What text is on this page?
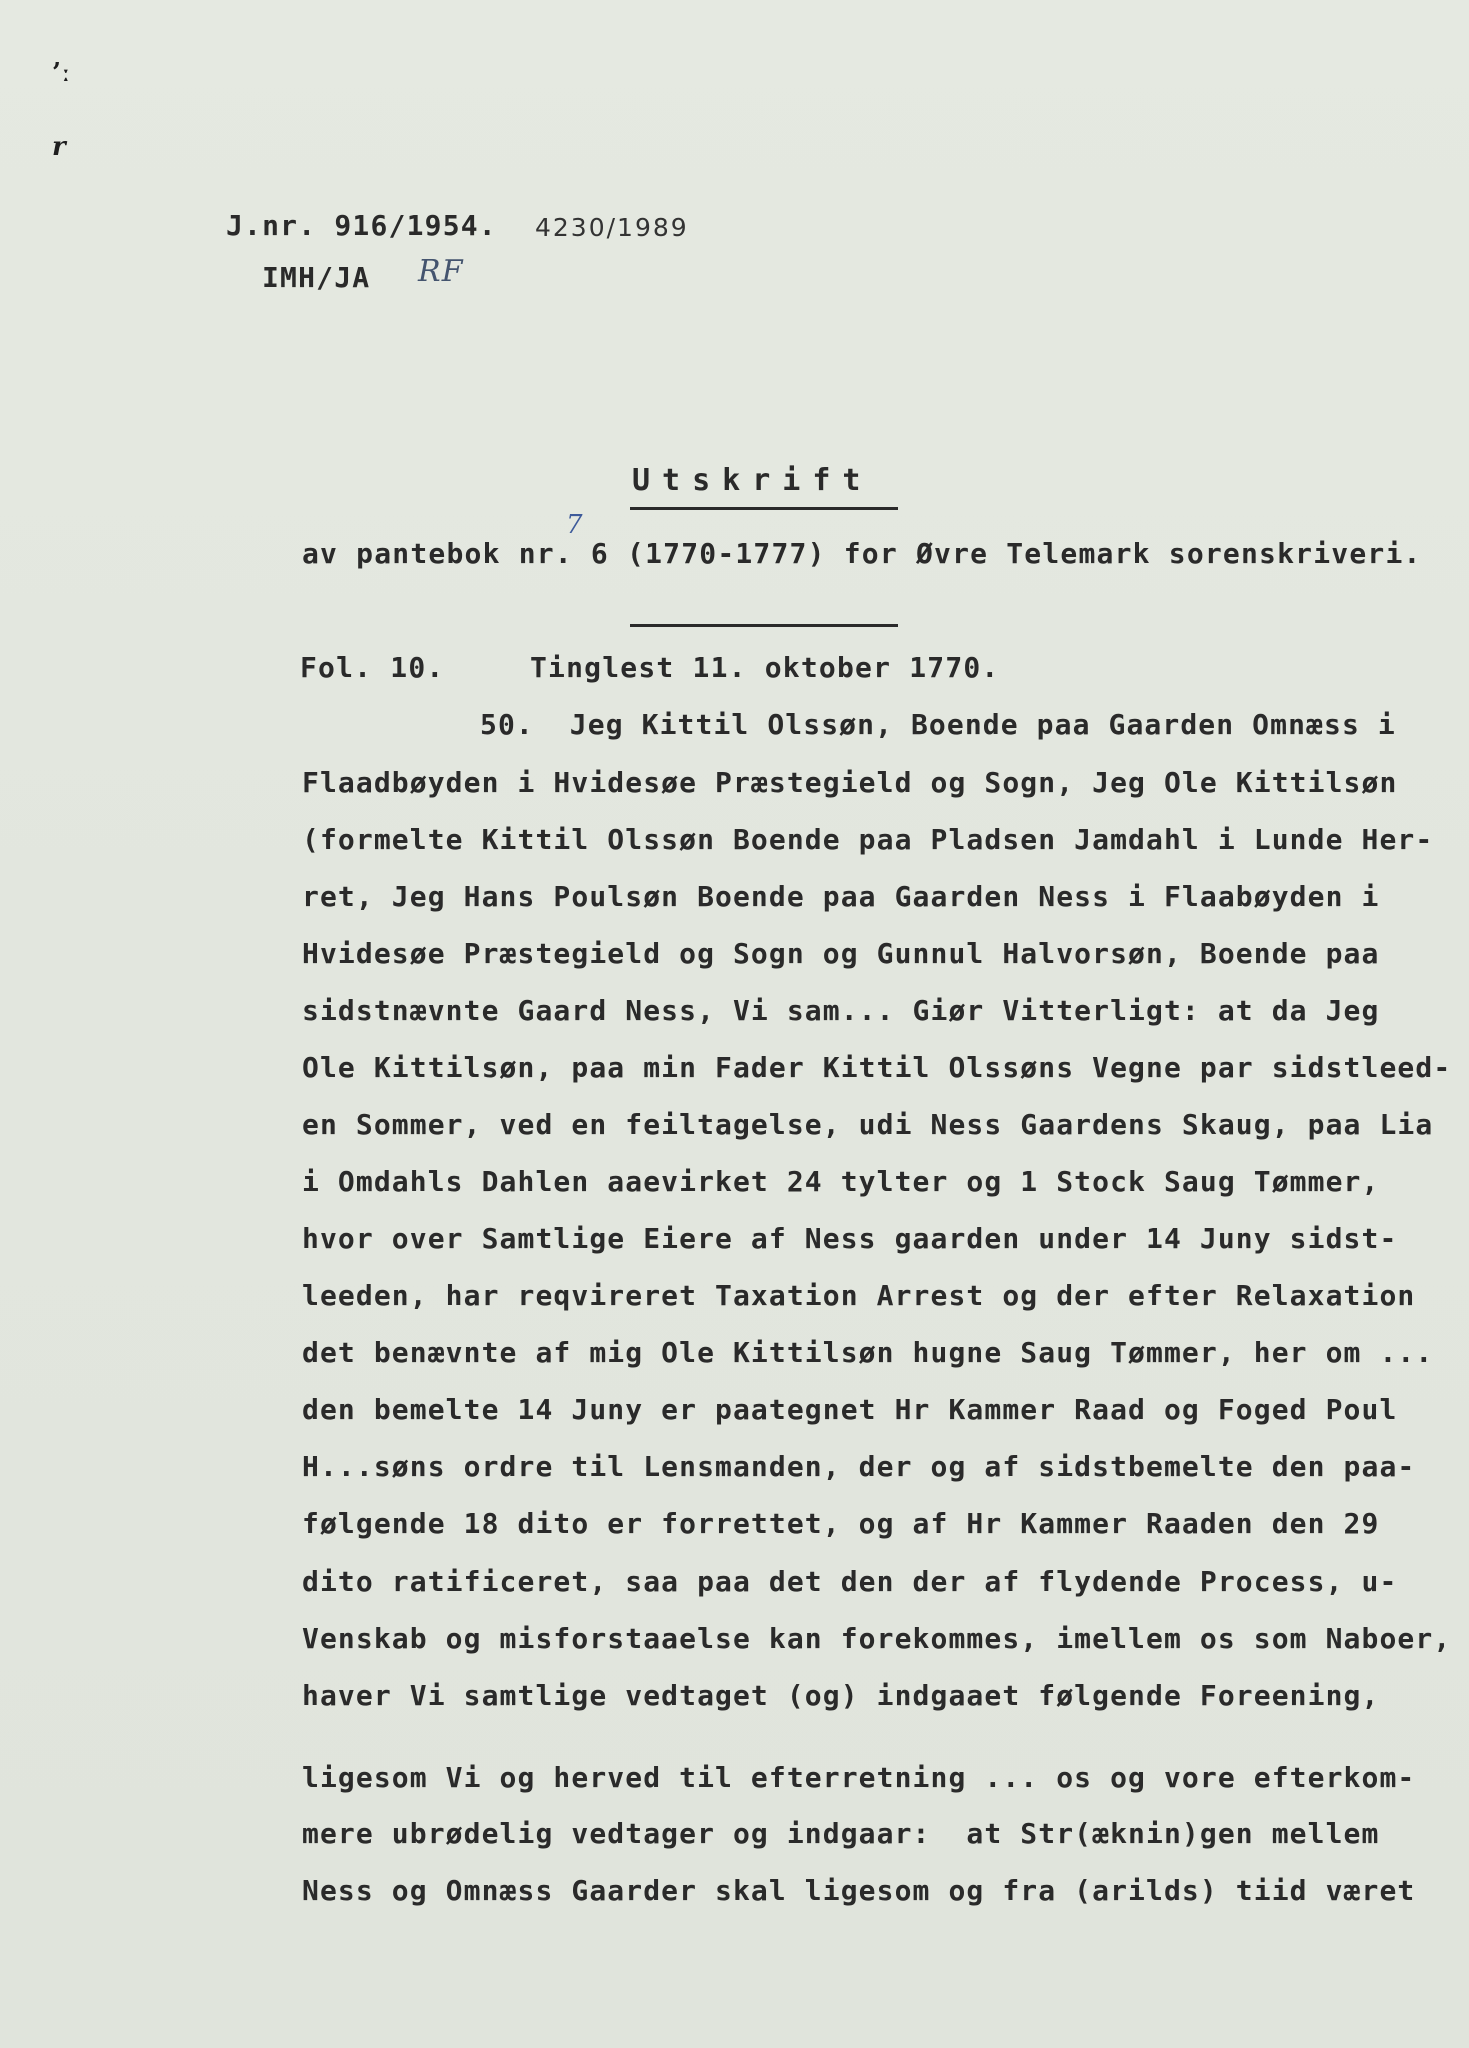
’ː
r
J.nr. 916/1954. 4230/1989
IMH/JA RF
Utskrift
7
av pantebok nr. 6 (1770-1777) for Øvre Telemark sorenskriveri.
Fol. 10.	Tinglest 11. oktober 1770.
50.  Jeg Kittil Olssøn, Boende paa Gaarden Omnæss i
Flaadbøyden i Hvidesøe Præstegield og Sogn, Jeg Ole Kittilsøn
(formelte Kittil Olssøn Boende paa Pladsen Jamdahl i Lunde Her-
ret, Jeg Hans Poulsøn Boende paa Gaarden Ness i Flaabøyden i
Hvidesøe Præstegield og Sogn og Gunnul Halvorsøn, Boende paa
sidstnævnte Gaard Ness, Vi sam... Giør Vitterligt: at da Jeg
Ole Kittilsøn, paa min Fader Kittil Olssøns Vegne par sidstleed-
en Sommer, ved en feiltagelse, udi Ness Gaardens Skaug, paa Lia
i Omdahls Dahlen aaevirket 24 tylter og 1 Stock Saug Tømmer,
hvor over Samtlige Eiere af Ness gaarden under 14 Juny sidst-
leeden, har reqvireret Taxation Arrest og der efter Relaxation
det benævnte af mig Ole Kittilsøn hugne Saug Tømmer, her om ...
den bemelte 14 Juny er paategnet Hr Kammer Raad og Foged Poul
H...søns ordre til Lensmanden, der og af sidstbemelte den paa-
følgende 18 dito er forrettet, og af Hr Kammer Raaden den 29
dito ratificeret, saa paa det den der af flydende Process, u-
Venskab og misforstaaelse kan forekommes, imellem os som Naboer,
haver Vi samtlige vedtaget (og) indgaaet følgende Foreening,
ligesom Vi og herved til efterretning ... os og vore efterkom-
mere ubrødelig vedtager og indgaar:  at Str(æknin)gen mellem
Ness og Omnæss Gaarder skal ligesom og fra (arilds) tiid været
